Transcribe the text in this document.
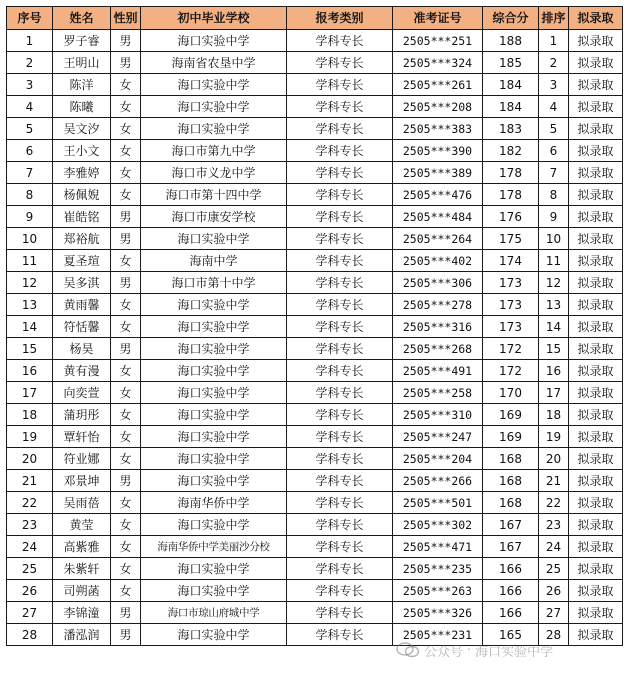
序号	姓名	性别	初中毕业学校	报考类别	准考证号	综合分	排序	拟录取
1	罗子睿	男	海口实验中学	学科专长	2505***251	188	1	拟录取
2	王明山	男	海南省农垦中学	学科专长	2505***324	185	2	拟录取
3	陈洋	女	海口实验中学	学科专长	2505***261	184	3	拟录取
4	陈曦	女	海口实验中学	学科专长	2505***208	184	4	拟录取
5	吴文汐	女	海口实验中学	学科专长	2505***383	183	5	拟录取
6	王小文	女	海口市第九中学	学科专长	2505***390	182	6	拟录取
7	李雅婷	女	海口市义龙中学	学科专长	2505***389	178	7	拟录取
8	杨佩婗	女	海口市第十四中学	学科专长	2505***476	178	8	拟录取
9	崔皓铭	男	海口市康安学校	学科专长	2505***484	176	9	拟录取
10	郑裕航	男	海口实验中学	学科专长	2505***264	175	10	拟录取
11	夏圣瑄	女	海南中学	学科专长	2505***402	174	11	拟录取
12	吴多淇	男	海口市第十中学	学科专长	2505***306	173	12	拟录取
13	黄雨馨	女	海口实验中学	学科专长	2505***278	173	13	拟录取
14	符恬馨	女	海口实验中学	学科专长	2505***316	173	14	拟录取
15	杨昊	男	海口实验中学	学科专长	2505***268	172	15	拟录取
16	黄有漫	女	海口实验中学	学科专长	2505***491	172	16	拟录取
17	向奕萱	女	海口实验中学	学科专长	2505***258	170	17	拟录取
18	蒲玥彤	女	海口实验中学	学科专长	2505***310	169	18	拟录取
19	覃轩怡	女	海口实验中学	学科专长	2505***247	169	19	拟录取
20	符业娜	女	海口实验中学	学科专长	2505***204	168	20	拟录取
21	邓景坤	男	海口实验中学	学科专长	2505***266	168	21	拟录取
22	吴雨蓓	女	海南华侨中学	学科专长	2505***501	168	22	拟录取
23	黄莹	女	海口实验中学	学科专长	2505***302	167	23	拟录取
24	高紫雅	女	海南华侨中学美丽沙分校	学科专长	2505***471	167	24	拟录取
25	朱紫轩	女	海口实验中学	学科专长	2505***235	166	25	拟录取
26	司朔菡	女	海口实验中学	学科专长	2505***263	166	26	拟录取
27	李锦潼	男	海口市琼山府城中学	学科专长	2505***326	166	27	拟录取
28	潘泓润	男	海口实验中学	学科专长	2505***231	165	28	拟录取
公众号 · 海口实验中学
